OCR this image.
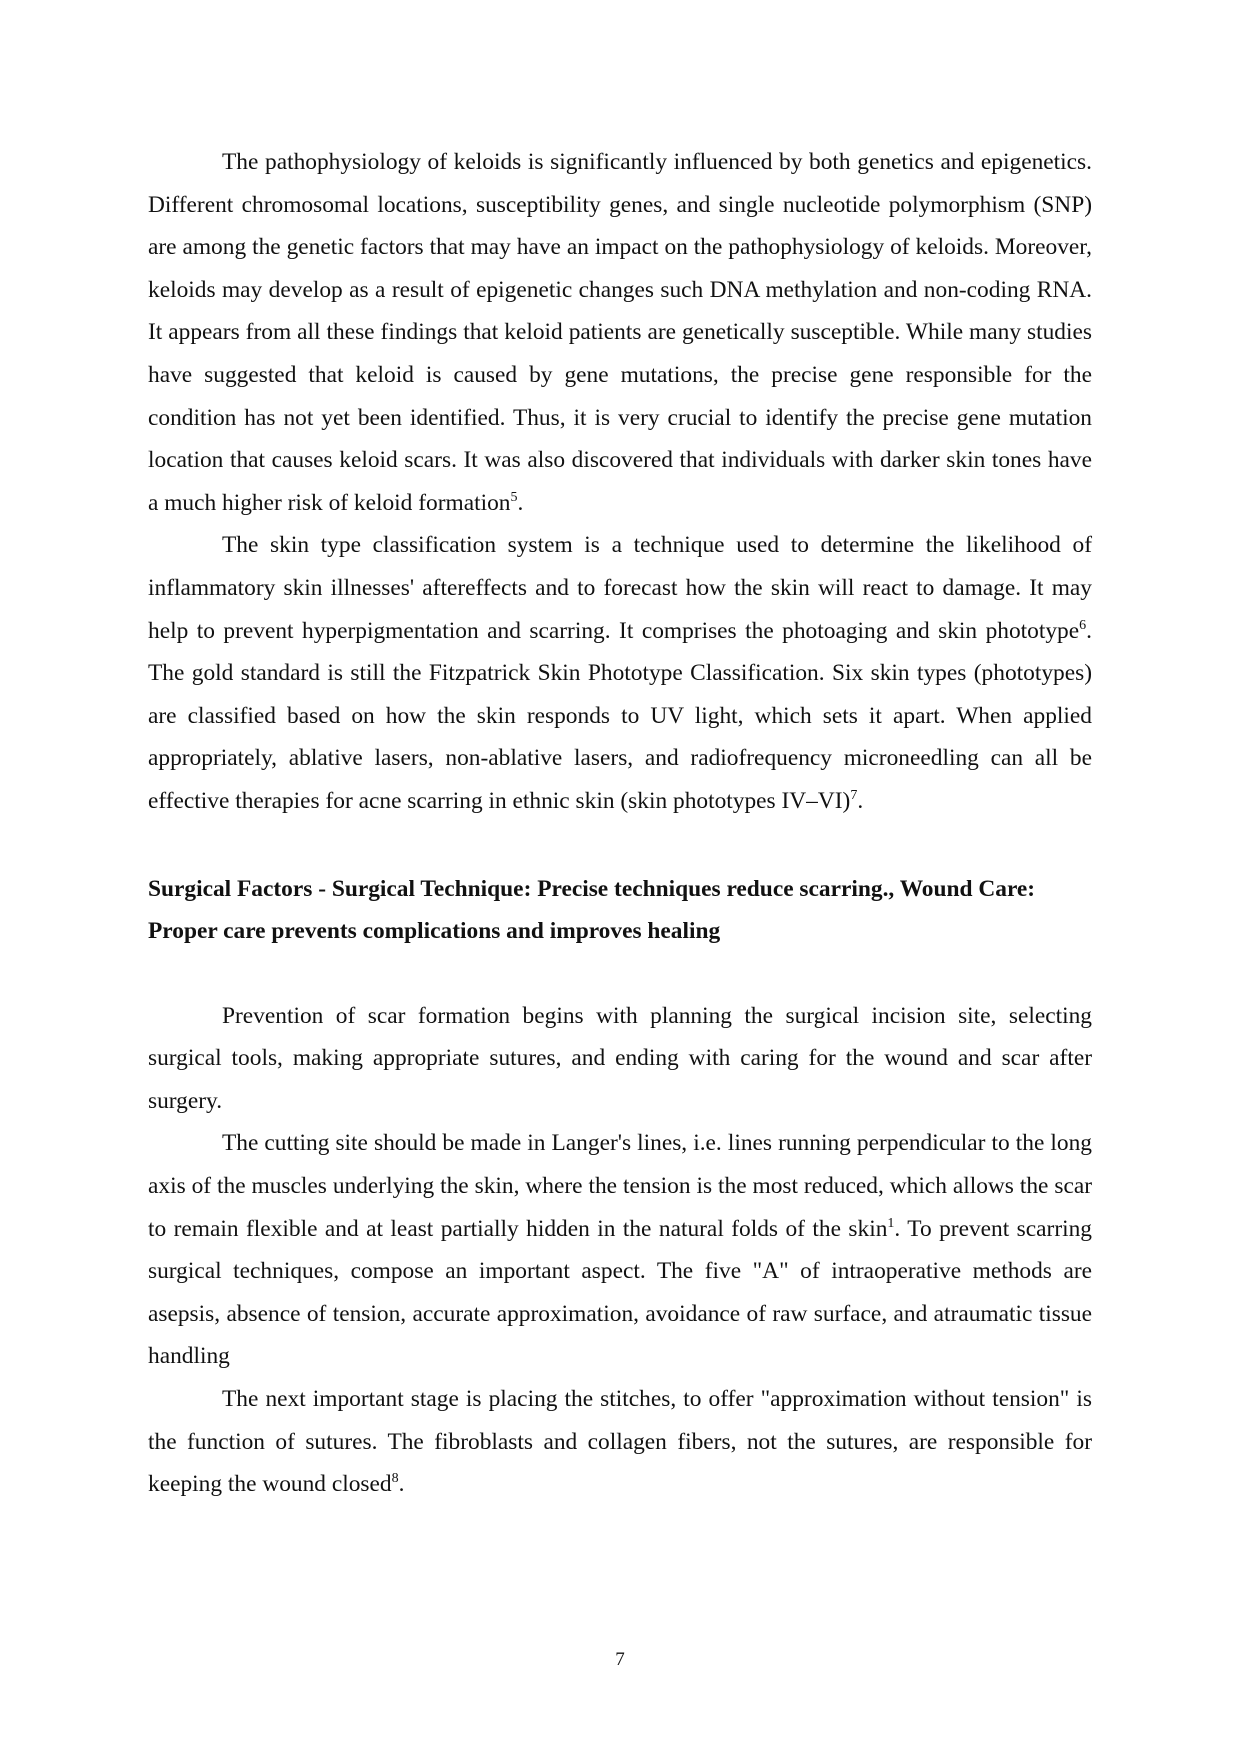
The pathophysiology of keloids is significantly influenced by both genetics and epigenetics. Different chromosomal locations, susceptibility genes, and single nucleotide polymorphism (SNP) are among the genetic factors that may have an impact on the pathophysiology of keloids. Moreover, keloids may develop as a result of epigenetic changes such DNA methylation and non-coding RNA. It appears from all these findings that keloid patients are genetically susceptible. While many studies have suggested that keloid is caused by gene mutations, the precise gene responsible for the condition has not yet been identified. Thus, it is very crucial to identify the precise gene mutation location that causes keloid scars. It was also discovered that individuals with darker skin tones have a much higher risk of keloid formation$^5$.

The skin type classification system is a technique used to determine the likelihood of inflammatory skin illnesses' aftereffects and to forecast how the skin will react to damage. It may help to prevent hyperpigmentation and scarring. It comprises the photoaging and skin phototype$^6$. The gold standard is still the Fitzpatrick Skin Phototype Classification. Six skin types (phototypes) are classified based on how the skin responds to UV light, which sets it apart. When applied appropriately, ablative lasers, non-ablative lasers, and radiofrequency microneedling can all be effective therapies for acne scarring in ethnic skin (skin phototypes IV–VI)$^7$.

Surgical Factors - Surgical Technique: Precise techniques reduce scarring., Wound Care: Proper care prevents complications and improves healing

Prevention of scar formation begins with planning the surgical incision site, selecting surgical tools, making appropriate sutures, and ending with caring for the wound and scar after surgery.

The cutting site should be made in Langer's lines, i.e. lines running perpendicular to the long axis of the muscles underlying the skin, where the tension is the most reduced, which allows the scar to remain flexible and at least partially hidden in the natural folds of the skin$^1$. To prevent scarring surgical techniques, compose an important aspect. The five "A" of intraoperative methods are asepsis, absence of tension, accurate approximation, avoidance of raw surface, and atraumatic tissue handling

The next important stage is placing the stitches, to offer "approximation without tension" is the function of sutures. The fibroblasts and collagen fibers, not the sutures, are responsible for keeping the wound closed$^8$.

7
